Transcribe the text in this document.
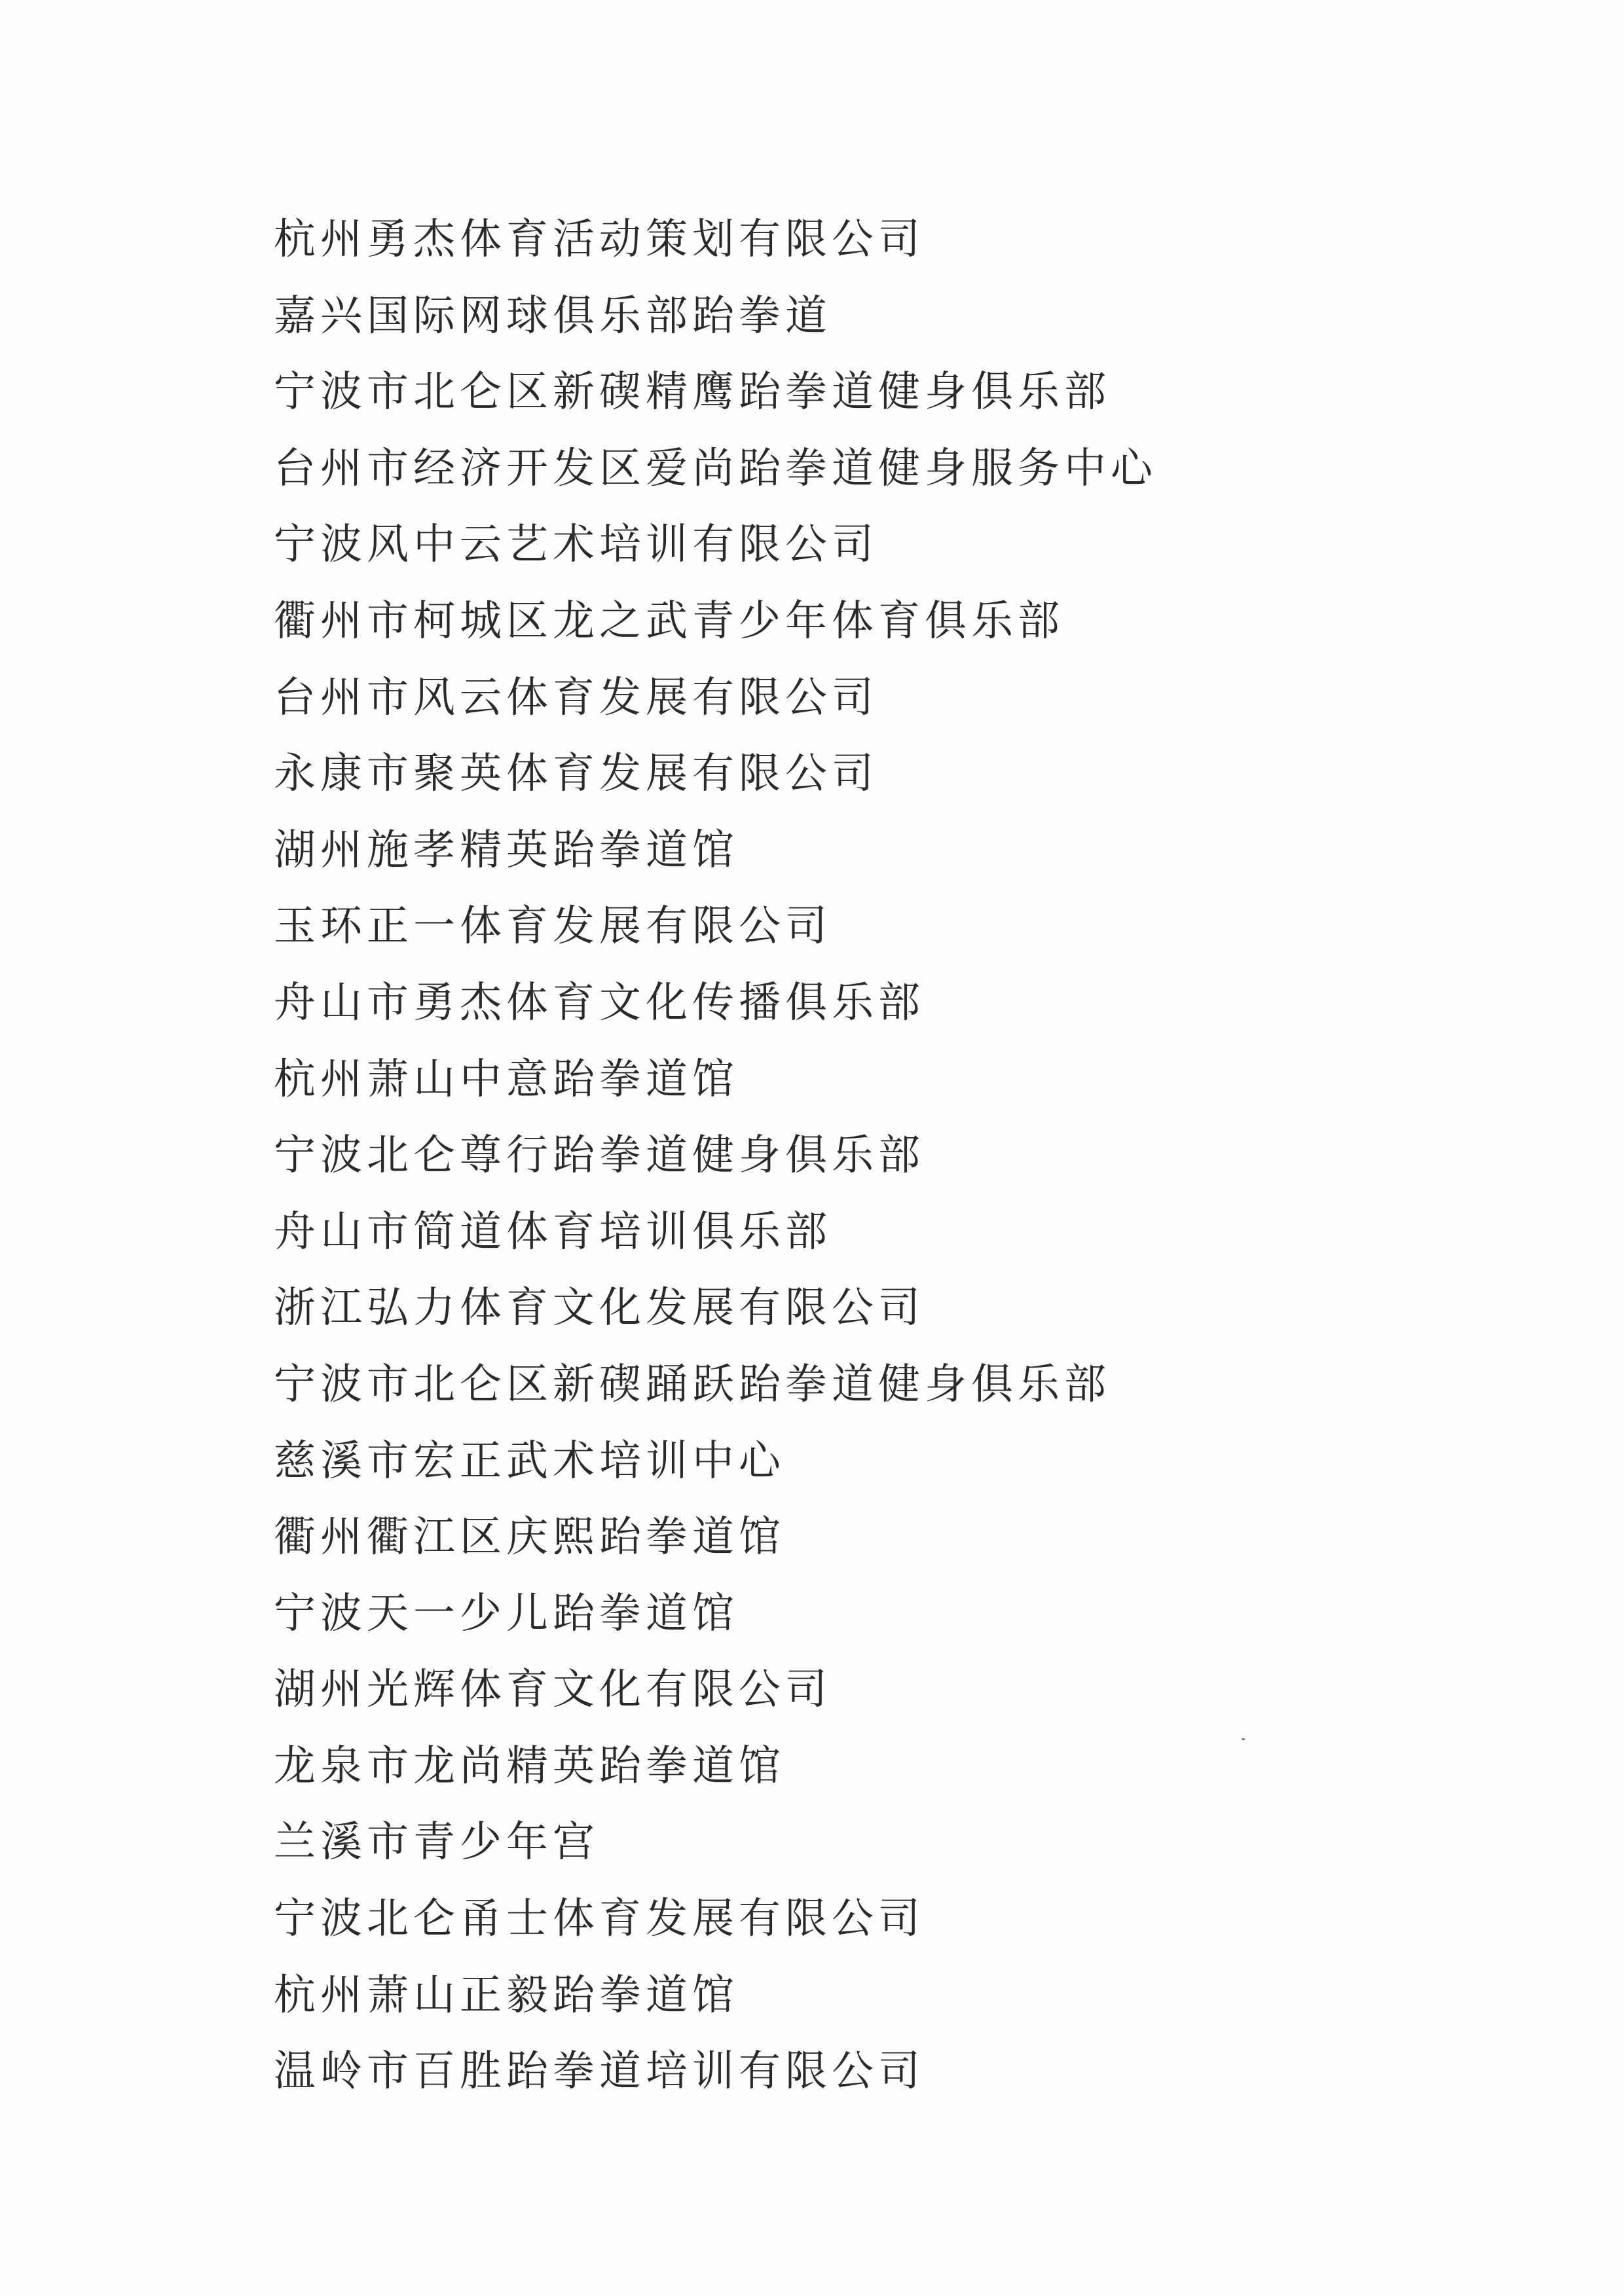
杭州勇杰体育活动策划有限公司
嘉兴国际网球俱乐部跆拳道
宁波市北仑区新碶精鹰跆拳道健身俱乐部
台州市经济开发区爱尚跆拳道健身服务中心
宁波风中云艺术培训有限公司
衢州市柯城区龙之武青少年体育俱乐部
台州市风云体育发展有限公司
永康市聚英体育发展有限公司
湖州施孝精英跆拳道馆
玉环正一体育发展有限公司
舟山市勇杰体育文化传播俱乐部
杭州萧山中意跆拳道馆
宁波北仑尊行跆拳道健身俱乐部
舟山市简道体育培训俱乐部
浙江弘力体育文化发展有限公司
宁波市北仑区新碶踊跃跆拳道健身俱乐部
慈溪市宏正武术培训中心
衢州衢江区庆熙跆拳道馆
宁波天一少儿跆拳道馆
湖州光辉体育文化有限公司
龙泉市龙尚精英跆拳道馆
兰溪市青少年宫
宁波北仑甬士体育发展有限公司
杭州萧山正毅跆拳道馆
温岭市百胜跆拳道培训有限公司
